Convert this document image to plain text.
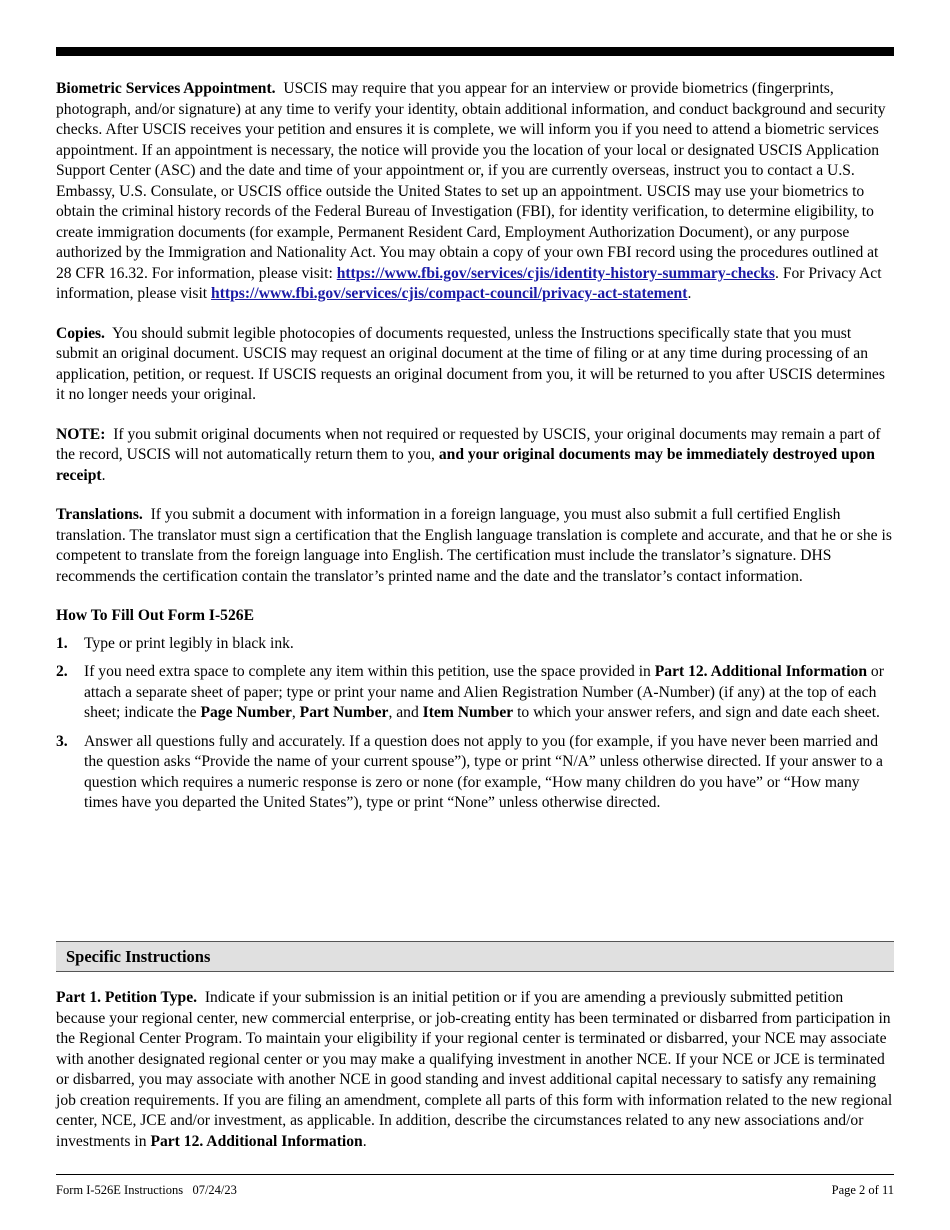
Biometric Services Appointment. USCIS may require that you appear for an interview or provide biometrics (fingerprints, photograph, and/or signature) at any time to verify your identity, obtain additional information, and conduct background and security checks. After USCIS receives your petition and ensures it is complete, we will inform you if you need to attend a biometric services appointment. If an appointment is necessary, the notice will provide you the location of your local or designated USCIS Application Support Center (ASC) and the date and time of your appointment or, if you are currently overseas, instruct you to contact a U.S. Embassy, U.S. Consulate, or USCIS office outside the United States to set up an appointment. USCIS may use your biometrics to obtain the criminal history records of the Federal Bureau of Investigation (FBI), for identity verification, to determine eligibility, to create immigration documents (for example, Permanent Resident Card, Employment Authorization Document), or any purpose authorized by the Immigration and Nationality Act. You may obtain a copy of your own FBI record using the procedures outlined at 28 CFR 16.32. For information, please visit: https://www.fbi.gov/services/cjis/identity-history-summary-checks. For Privacy Act information, please visit https://www.fbi.gov/services/cjis/compact-council/privacy-act-statement.

Copies. You should submit legible photocopies of documents requested, unless the Instructions specifically state that you must submit an original document. USCIS may request an original document at the time of filing or at any time during processing of an application, petition, or request. If USCIS requests an original document from you, it will be returned to you after USCIS determines it no longer needs your original.

NOTE: If you submit original documents when not required or requested by USCIS, your original documents may remain a part of the record, USCIS will not automatically return them to you, and your original documents may be immediately destroyed upon receipt.

Translations. If you submit a document with information in a foreign language, you must also submit a full certified English translation. The translator must sign a certification that the English language translation is complete and accurate, and that he or she is competent to translate from the foreign language into English. The certification must include the translator’s signature. DHS recommends the certification contain the translator’s printed name and the date and the translator’s contact information.

How To Fill Out Form I-526E
1.	Type or print legibly in black ink.
2.	If you need extra space to complete any item within this petition, use the space provided in Part 12. Additional Information or attach a separate sheet of paper; type or print your name and Alien Registration Number (A-Number) (if any) at the top of each sheet; indicate the Page Number, Part Number, and Item Number to which your answer refers, and sign and date each sheet.
3.	Answer all questions fully and accurately. If a question does not apply to you (for example, if you have never been married and the question asks “Provide the name of your current spouse”), type or print “N/A” unless otherwise directed. If your answer to a question which requires a numeric response is zero or none (for example, “How many children do you have” or “How many times have you departed the United States”), type or print “None” unless otherwise directed.
Specific Instructions

Part 1. Petition Type. Indicate if your submission is an initial petition or if you are amending a previously submitted petition because your regional center, new commercial enterprise, or job-creating entity has been terminated or disbarred from participation in the Regional Center Program. To maintain your eligibility if your regional center is terminated or disbarred, your NCE may associate with another designated regional center or you may make a qualifying investment in another NCE. If your NCE or JCE is terminated or disbarred, you may associate with another NCE in good standing and invest additional capital necessary to satisfy any remaining job creation requirements. If you are filing an amendment, complete all parts of this form with information related to the new regional center, NCE, JCE and/or investment, as applicable. In addition, describe the circumstances related to any new associations and/or investments in Part 12. Additional Information.

Form I-526E Instructions   07/24/23	Page 2 of 11
